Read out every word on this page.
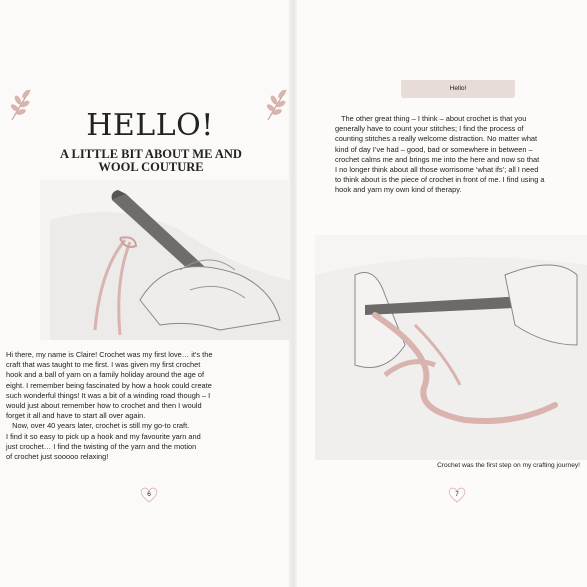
HELLO!
A LITTLE BIT ABOUT ME AND
WOOL COUTURE

Hi there, my name is Claire! Crochet was my first love… it’s the

craft that was taught to me first. I was given my first crochet

hook and a ball of yarn on a family holiday around the age of

eight. I remember being fascinated by how a hook could create

such wonderful things! It was a bit of a winding road though – I

would just about remember how to crochet and then I would

forget it all and have to start all over again.

Now, over 40 years later, crochet is still my go-to craft.

I find it so easy to pick up a hook and my favourite yarn and

just crochet… I find the twisting of the yarn and the motion

of crochet just sooooo relaxing!

6
Hello!

The other great thing – I think – about crochet is that you

generally have to count your stitches; I find the process of

counting stitches a really welcome distraction. No matter what

kind of day I’ve had – good, bad or somewhere in between –

crochet calms me and brings me into the here and now so that

I no longer think about all those worrisome ‘what ifs’; all I need

to think about is the piece of crochet in front of me. I find using a

hook and yarn my own kind of therapy.

Crochet was the first step on my crafting journey!
7
